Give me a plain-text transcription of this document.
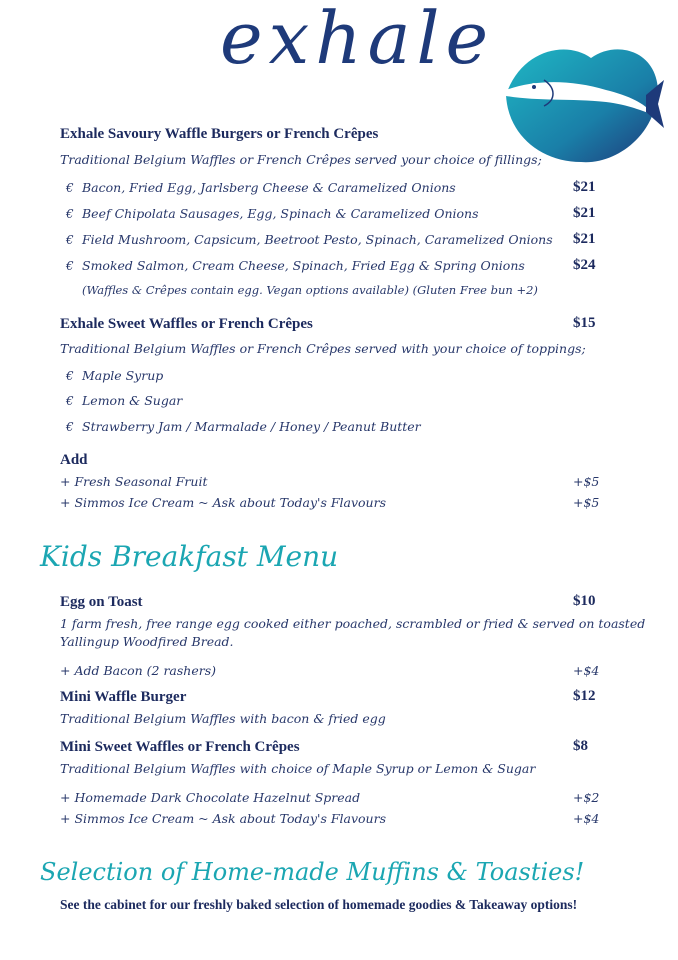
exhale
Exhale Savoury Waffle Burgers or French Crêpes
Traditional Belgium Waffles or French Crêpes served your choice of fillings;
€ Bacon, Fried Egg, Jarlsberg Cheese & Caramelized Onions	$21
€ Beef Chipolata Sausages, Egg, Spinach & Caramelized Onions	$21
€ Field Mushroom, Capsicum, Beetroot Pesto, Spinach, Caramelized Onions $21
€ Smoked Salmon, Cream Cheese, Spinach, Fried Egg & Spring Onions	$24
(Waffles & Crêpes contain egg. Vegan options available) (Gluten Free bun +2)
Exhale Sweet Waffles or French Crêpes	$15
Traditional Belgium Waffles or French Crêpes served with your choice of toppings;
€ Maple Syrup
€ Lemon & Sugar
€ Strawberry Jam / Marmalade / Honey / Peanut Butter
Add
+ Fresh Seasonal Fruit	+$5
+ Simmos Ice Cream ~ Ask about Today's Flavours	+$5
Kids Breakfast Menu
Egg on Toast	$10
1 farm fresh, free range egg cooked either poached, scrambled or fried & served on toasted
Yallingup Woodfired Bread.
+ Add Bacon (2 rashers)	+$4
Mini Waffle Burger	$12
Traditional Belgium Waffles with bacon & fried egg
Mini Sweet Waffles or French Crêpes	$8
Traditional Belgium Waffles with choice of Maple Syrup or Lemon & Sugar
+ Homemade Dark Chocolate Hazelnut Spread	+$2
+ Simmos Ice Cream ~ Ask about Today's Flavours	+$4
Selection of Home-made Muffins & Toasties!
See the cabinet for our freshly baked selection of homemade goodies & Takeaway options!
